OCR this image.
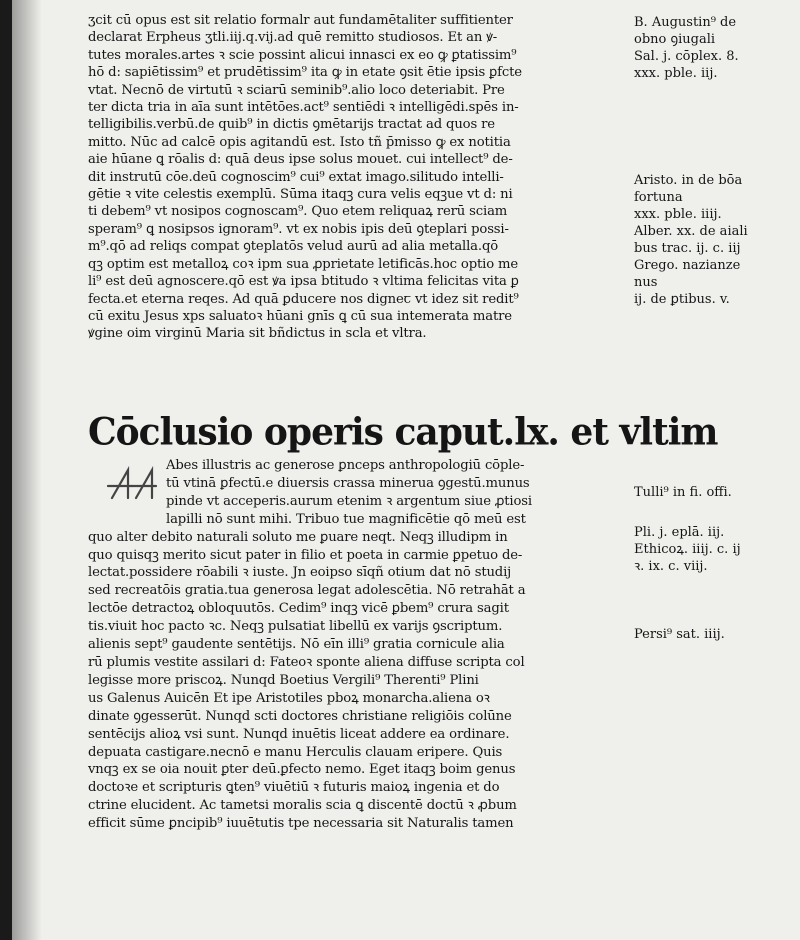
ʒcit cū opus est sit relatio formalr aut fundamētaliter suffitienter
declarat Erpheus ʒtli.iij.q.vij.ad quē remitto studiosos. Et an ꝟ-
tutes morales.artes ꝛ scie possint alicui innasci ex eo ꝙ ꝑtatissim⁹
hō d: sapiētissim⁹ et prudētissim⁹ ita ꝙ in etate ꝯsit ētie ipsis ꝑfcte
vtat. Necnō de virtutū ꝛ sciarū seminib⁹.alio loco deteriabit. Pre
ter dicta tria in aīa sunt intētōes.act⁹ sentiēdi ꝛ intelligēdi.spēs in-
telligibilis.verbū.de quib⁹ in dictis ꝯmētarijs tractat ad quos re
mitto. Nūc ad calcē opis agitandū est. Isto tñ p̄misso ꝙ ex notitia
aie hūane ꝗ rōalis d: quā deus ipse solus mouet. cui intellect⁹ de-
dit instrutū cōe.deū cognoscim⁹ cui⁹ extat imago.silitudo intelli-
gētie ꝛ vite celestis exemplū. Sūma itaqꝫ cura velis eqꝫue vt d: ni
ti debem⁹ vt nosipos cognoscam⁹. Quo etem reliquaꝝ rerū sciam
speram⁹ ꝗ nosipsos ignoram⁹. vt ex nobis ipis deū ꝯteplari possi-
m⁹.qō ad reliqs compat ꝯteplatōs velud aurū ad alia metalla.qō
qꝫ optim est metalloꝝ coꝛ ipm sua ꝓprietate letificās.hoc optio me
li⁹ est deū agnoscere.qō est ꝟa ipsa btitudo ꝛ vltima felicitas vita ꝑ
fecta.et eterna reqes. Ad quā ꝑducere nos digneꞇ vt idez sit redit⁹
cū exitu Jesus xps saluatoꝛ hūani gnīs ꝗ cū sua intemerata matre
ꝟgine oim virginū Maria sit bñdictus in scla et vltra.
Cōclusio operis caput.lx. et vltim
Abes illustris ac generose ꝑnceps anthropologiū cōple-
tū vtinā ꝑfectū.e diuersis crassa minerua ꝯgestū.munus
pinde vt acceperis.aurum etenim ꝛ argentum siue ꝓtiosi
lapilli nō sunt mihi. Tribuo tue magnificētie qō meū est
quo alter debito naturali soluto me ꝑuare neqt. Neqꝫ illudipm in
quo quisqꝫ merito sicut pater in filio et poeta in carmie ꝑpetuo de-
lectat.possidere rōabili ꝛ iuste. Jn eoipso sīqñ otium dat nō studij
sed recreatōis gratia.tua generosa legat adolescētia. Nō retrahāt a
lectōe detractoꝝ obloquutōs. Cedim⁹ inqꝫ vicē ꝑbem⁹ crura sagit
tis.viuit hoc pacto ꝛc. Neqꝫ pulsatiat libellū ex varijs ꝯscriptum.
alienis sept⁹ gaudente sentētijs. Nō eīn illi⁹ gratia cornicule alia
rū plumis vestite assilari d: Fateoꝛ sponte aliena diffuse scripta col
legisse more priscoꝝ. Nunqd Boetius Vergili⁹ Therenti⁹ Plini
us Galenus Auicēn Et ipe Aristotiles pboꝝ monarcha.aliena oꝛ
dinate ꝯgesserūt. Nunqd scti doctores christiane religiōis colūne
sentēcijs alioꝝ vsi sunt. Nunqd inuētis liceat addere ea ordinare.
depuata castigare.necnō e manu Herculis clauam eripere. Quis
vnqꝫ ex se oia nouit ꝑter deū.ꝑfecto nemo. Eget itaqꝫ boim genus
doctoꝛe et scripturis ꝗten⁹ viuētiū ꝛ futuris maioꝝ ingenia et do
ctrine elucident. Ac tametsi moralis scia ꝗ discentē doctū ꝛ ꝓbum
efficit sūme ꝑncipib⁹ iuuētutis tpe necessaria sit Naturalis tamen
B. Augustin⁹ de
obno ꝯiugali
Sal. j. cōplex. 8.
xxx. pble. iij.
Aristo. in de bōa
fortuna
xxx. pble. iiij.
Alber. xx. de aiali
bus trac. ij. c. iij
Grego. nazianze
nus
ij. de ꝑtibus. v.
Tulli⁹ in fi. offi.
Pli. j. eplā. iij.
Ethicoꝝ. iiij. c. ij
ꝛ. ix. c. viij.
Persi⁹ sat. iiij.
